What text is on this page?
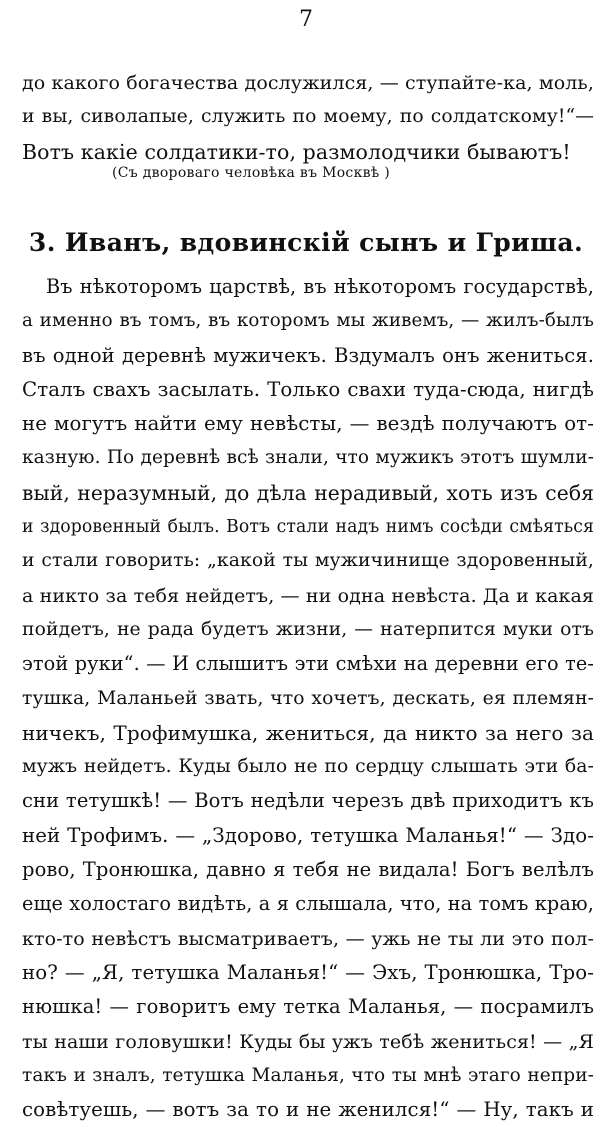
7
до какого богачества дослужился, — ступайте-ка, моль,
и вы, сиволапые, служить по моему, по солдатскому!“—
Вотъ какіе солдатики-то, размолодчики бываютъ!
(Съ двороваго человѣка въ Москвѣ )
3. Иванъ, вдовинскій сынъ и Гриша.
Въ нѣкоторомъ царствѣ, въ нѣкоторомъ государствѣ,
а именно въ томъ, въ которомъ мы живемъ, — жилъ-былъ
въ одной деревнѣ мужичекъ. Вздумалъ онъ жениться.
Сталъ свахъ засылать. Только свахи туда-сюда, нигдѣ
не могутъ найти ему невѣсты, — вездѣ получаютъ от-
казную. По деревнѣ всѣ знали, что мужикъ этотъ шумли-
вый, неразумный, до дѣла нерадивый, хоть изъ себя
и здоровенный былъ. Вотъ стали надъ нимъ сосѣди смѣяться
и стали говорить: „какой ты мужичинище здоровенный,
а никто за тебя нейдетъ, — ни одна невѣста. Да и какая
пойдетъ, не рада будетъ жизни, — натерпится муки отъ
этой руки“. — И слышитъ эти смѣхи на деревни его те-
тушка, Маланьей звать, что хочетъ, дескать, ея племян-
ничекъ, Трофимушка, жениться, да никто за него за
мужъ нейдетъ. Куды было не по сердцу слышать эти ба-
сни тетушкѣ! — Вотъ недѣли черезъ двѣ приходитъ къ
ней Трофимъ. — „Здорово, тетушка Маланья!“ — Здо-
рово, Тронюшка, давно я тебя не видала! Богъ велѣлъ
еще холостаго видѣть, а я слышала, что, на томъ краю,
кто-то невѣстъ высматриваетъ, — ужь не ты ли это пол-
но? — „Я, тетушка Маланья!“ — Эхъ, Тронюшка, Тро-
нюшка! — говоритъ ему тетка Маланья, — посрамилъ
ты наши головушки! Куды бы ужъ тебѣ жениться! — „Я
такъ и зналъ, тетушка Маланья, что ты мнѣ этаго непри-
совѣтуешь, — вотъ за то и не женился!“ — Ну, такъ и
